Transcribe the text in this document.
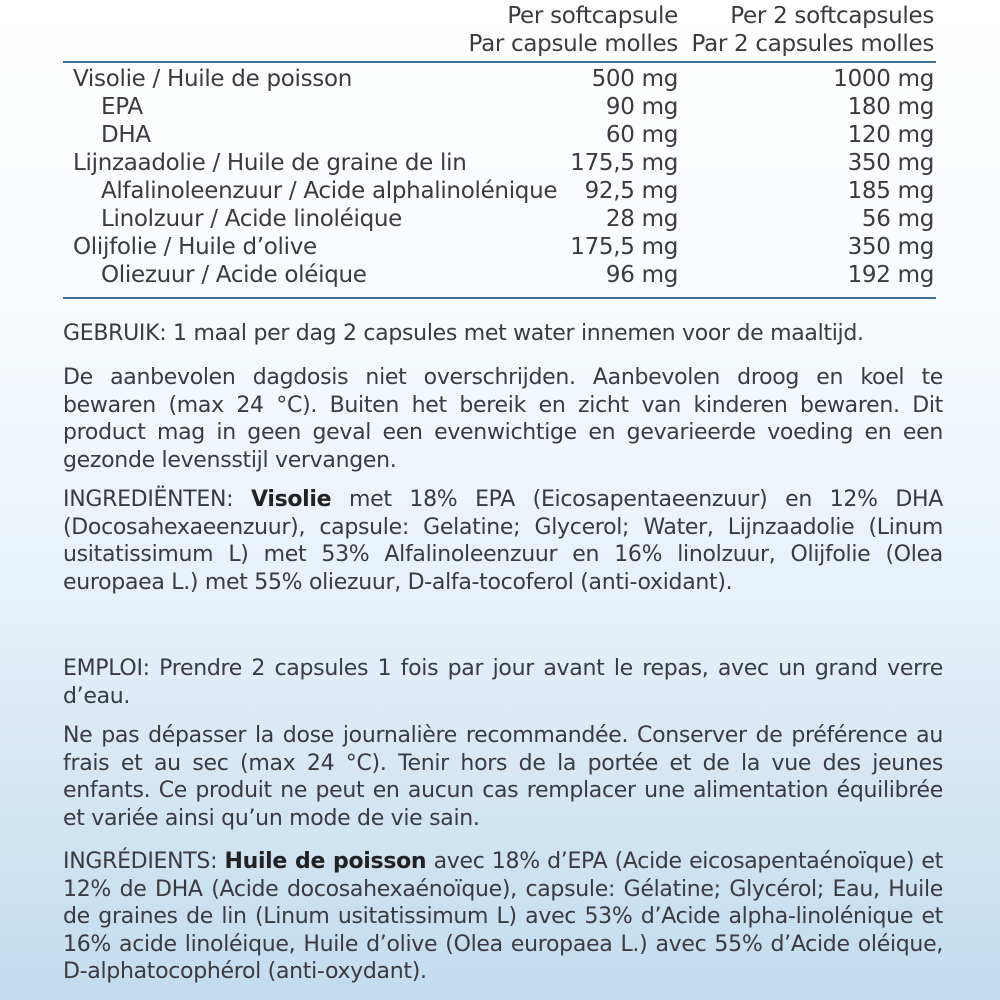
Per softcapsule
Par capsule molles
Per 2 softcapsules
Par 2 capsules molles
Visolie / Huile de poisson	500 mg	1000 mg
EPA	90 mg	180 mg
DHA	60 mg	120 mg
Lijnzaadolie / Huile de graine de lin	175,5 mg	350 mg
Alfalinoleenzuur / Acide alphalinolénique 92,5 mg	185 mg
Linolzuur / Acide linoléique	28 mg	56 mg
Olijfolie / Huile d’olive	175,5 mg	350 mg
Oliezuur / Acide oléique	96 mg	192 mg

GEBRUIK: 1 maal per dag 2 capsules met water innemen voor de maaltijd.

De aanbevolen dagdosis niet overschrijden. Aanbevolen droog en koel te bewaren (max 24 °C). Buiten het bereik en zicht van kinderen bewaren. Dit product mag in geen geval een evenwichtige en gevarieerde voeding en een gezonde levensstijl vervangen.

INGREDIËNTEN: Visolie met 18% EPA (Eicosapentaeenzuur) en 12% DHA (Docosahexaeenzuur), capsule: Gelatine; Glycerol; Water, Lijnzaadolie (Linum usitatissimum L) met 53% Alfalinoleenzuur en 16% linolzuur, Olijfolie (Olea europaea L.) met 55% oliezuur, D-alfa-tocoferol (anti-oxidant).

EMPLOI: Prendre 2 capsules 1 fois par jour avant le repas, avec un grand verre d’eau.

Ne pas dépasser la dose journalière recommandée. Conserver de préférence au frais et au sec (max 24 °C). Tenir hors de la portée et de la vue des jeunes enfants. Ce produit ne peut en aucun cas remplacer une alimentation équilibrée et variée ainsi qu’un mode de vie sain.

INGRÉDIENTS: Huile de poisson avec 18% d’EPA (Acide eicosapentaénoïque) et 12% de DHA (Acide docosahexaénoïque), capsule: Gélatine; Glycérol; Eau, Huile de graines de lin (Linum usitatissimum L) avec 53% d’Acide alpha-linolénique et 16% acide linoléique, Huile d’olive (Olea europaea L.) avec 55% d’Acide oléique, D-alphatocophérol (anti-oxydant).
